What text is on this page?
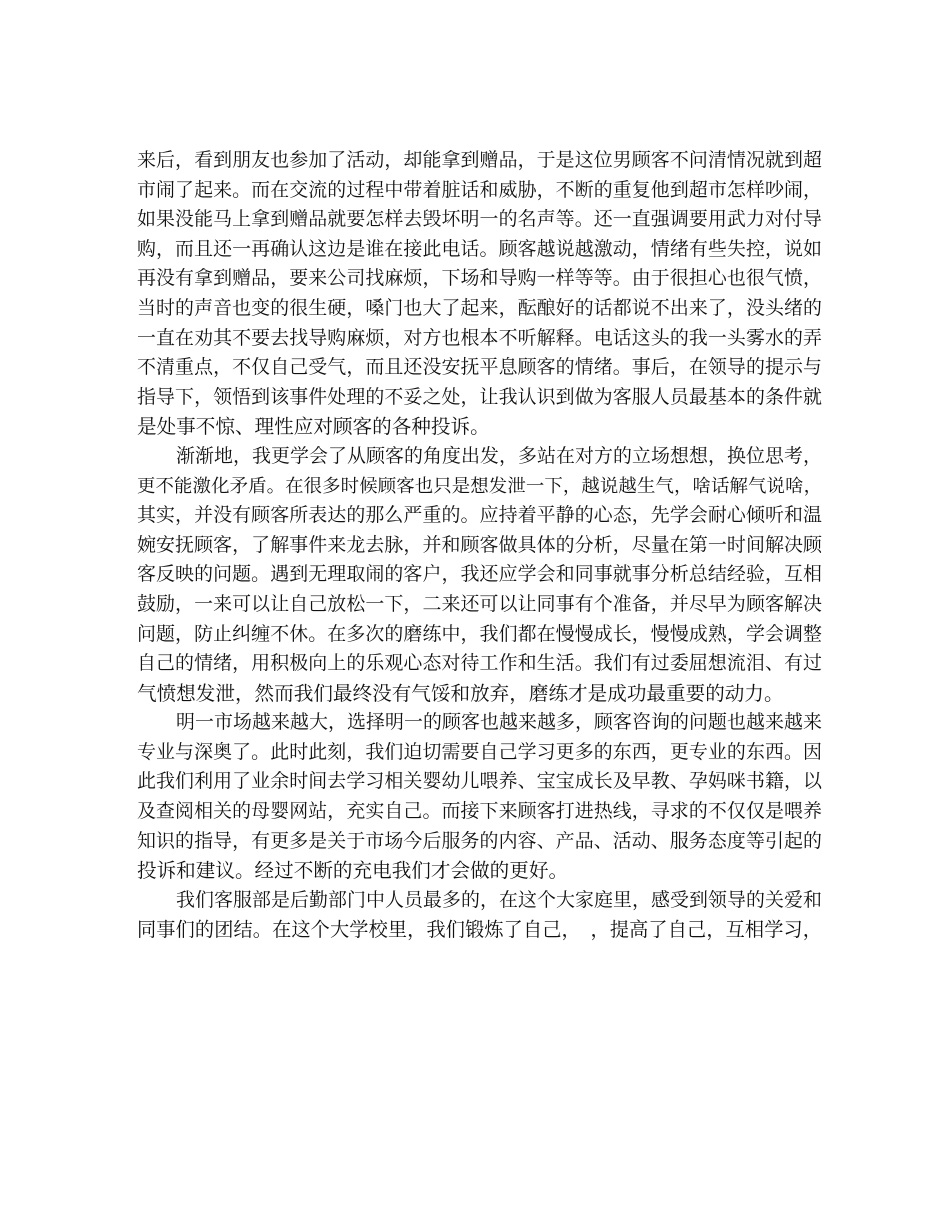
来后，看到朋友也参加了活动，却能拿到赠品，于是这位男顾客不问清情况就到超
市闹了起来。而在交流的过程中带着脏话和威胁，不断的重复他到超市怎样吵闹，
如果没能马上拿到赠品就要怎样去毁坏明一的名声等。还一直强调要用武力对付导
购，而且还一再确认这边是谁在接此电话。顾客越说越激动，情绪有些失控，说如
再没有拿到赠品，要来公司找麻烦，下场和导购一样等等。由于很担心也很气愤，
当时的声音也变的很生硬，嗓门也大了起来，酝酿好的话都说不出来了，没头绪的
一直在劝其不要去找导购麻烦，对方也根本不听解释。电话这头的我一头雾水的弄
不清重点，不仅自己受气，而且还没安抚平息顾客的情绪。事后，在领导的提示与
指导下，领悟到该事件处理的不妥之处，让我认识到做为客服人员最基本的条件就
是处事不惊、理性应对顾客的各种投诉。
渐渐地，我更学会了从顾客的角度出发，多站在对方的立场想想，换位思考，
更不能激化矛盾。在很多时候顾客也只是想发泄一下，越说越生气，啥话解气说啥，
其实，并没有顾客所表达的那么严重的。应持着平静的心态，先学会耐心倾听和温
婉安抚顾客，了解事件来龙去脉，并和顾客做具体的分析，尽量在第一时间解决顾
客反映的问题。遇到无理取闹的客户，我还应学会和同事就事分析总结经验，互相
鼓励，一来可以让自己放松一下，二来还可以让同事有个准备，并尽早为顾客解决
问题，防止纠缠不休。在多次的磨练中，我们都在慢慢成长，慢慢成熟，学会调整
自己的情绪，用积极向上的乐观心态对待工作和生活。我们有过委屈想流泪、有过
气愤想发泄，然而我们最终没有气馁和放弃，磨练才是成功最重要的动力。
明一市场越来越大，选择明一的顾客也越来越多，顾客咨询的问题也越来越来
专业与深奥了。此时此刻，我们迫切需要自己学习更多的东西，更专业的东西。因
此我们利用了业余时间去学习相关婴幼儿喂养、宝宝成长及早教、孕妈咪书籍，以
及查阅相关的母婴网站，充实自己。而接下来顾客打进热线，寻求的不仅仅是喂养
知识的指导，有更多是关于市场今后服务的内容、产品、活动、服务态度等引起的
投诉和建议。经过不断的充电我们才会做的更好。
我们客服部是后勤部门中人员最多的，在这个大家庭里，感受到领导的关爱和
同事们的团结。在这个大学校里，我们锻炼了自己，　，提高了自己，互相学习，
